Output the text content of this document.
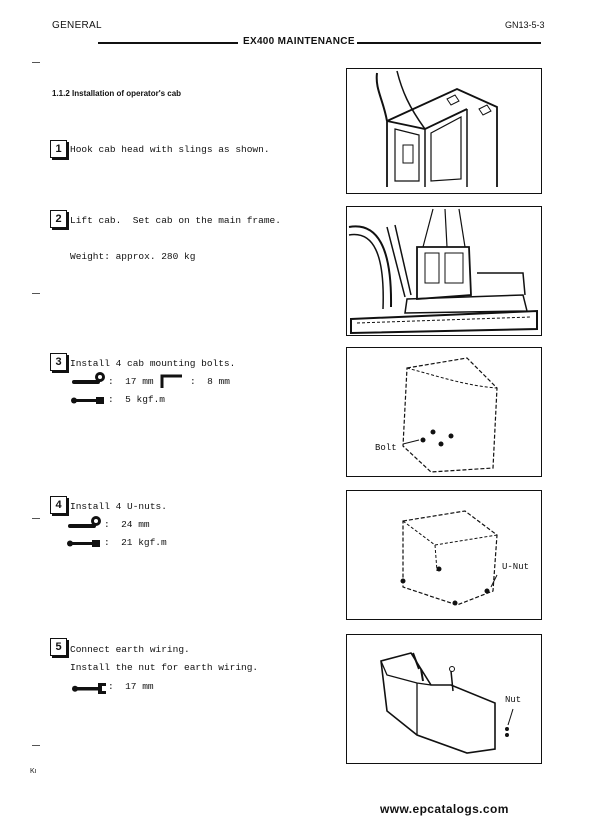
GENERAL	GN13-5-3
EX400 MAINTENANCE
Kı
1.1.2 Installation of operator's cab
1 Hook cab head with slings as shown.
2 Lift cab.  Set cab on the main frame.
Weight: approx. 280 kg
3 Install 4 cab mounting bolts.
:  17 mm	:  8 mm
:  5 kgf.m
4 Install 4 U-nuts.
:  24 mm
:  21 kgf.m
5 Connect earth wiring.
Install the nut for earth wiring.
:  17 mm
Bolt
U-Nut
Nut
www.epcatalogs.com
